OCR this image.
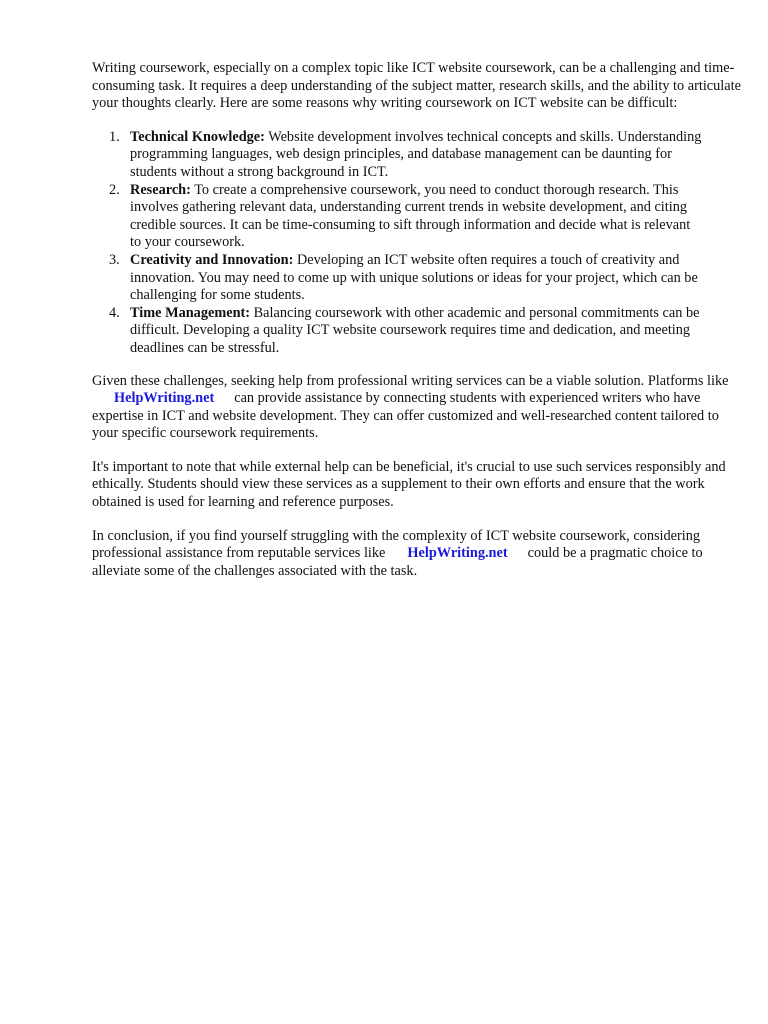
Writing coursework, especially on a complex topic like ICT website coursework, can be a challenging and time-consuming task. It requires a deep understanding of the subject matter, research skills, and the ability to articulate your thoughts clearly. Here are some reasons why writing coursework on ICT website can be difficult:

1. Technical Knowledge: Website development involves technical concepts and skills. Understanding programming languages, web design principles, and database management can be daunting for students without a strong background in ICT.
2. Research: To create a comprehensive coursework, you need to conduct thorough research. This involves gathering relevant data, understanding current trends in website development, and citing credible sources. It can be time-consuming to sift through information and decide what is relevant to your coursework.
3. Creativity and Innovation: Developing an ICT website often requires a touch of creativity and innovation. You may need to come up with unique solutions or ideas for your project, which can be challenging for some students.
4. Time Management: Balancing coursework with other academic and personal commitments can be difficult. Developing a quality ICT website coursework requires time and dedication, and meeting deadlines can be stressful.

Given these challenges, seeking help from professional writing services can be a viable solution. Platforms likeHelpWriting.net can provide assistance by connecting students with experienced writers who have expertise in ICT and website development. They can offer customized and well-researched content tailored to your specific coursework requirements.

It's important to note that while external help can be beneficial, it's crucial to use such services responsibly and ethically. Students should view these services as a supplement to their own efforts and ensure that the work obtained is used for learning and reference purposes.

In conclusion, if you find yourself struggling with the complexity of ICT website coursework, considering professional assistance from reputable services like HelpWriting.net could be a pragmatic choice to alleviate some of the challenges associated with the task.
